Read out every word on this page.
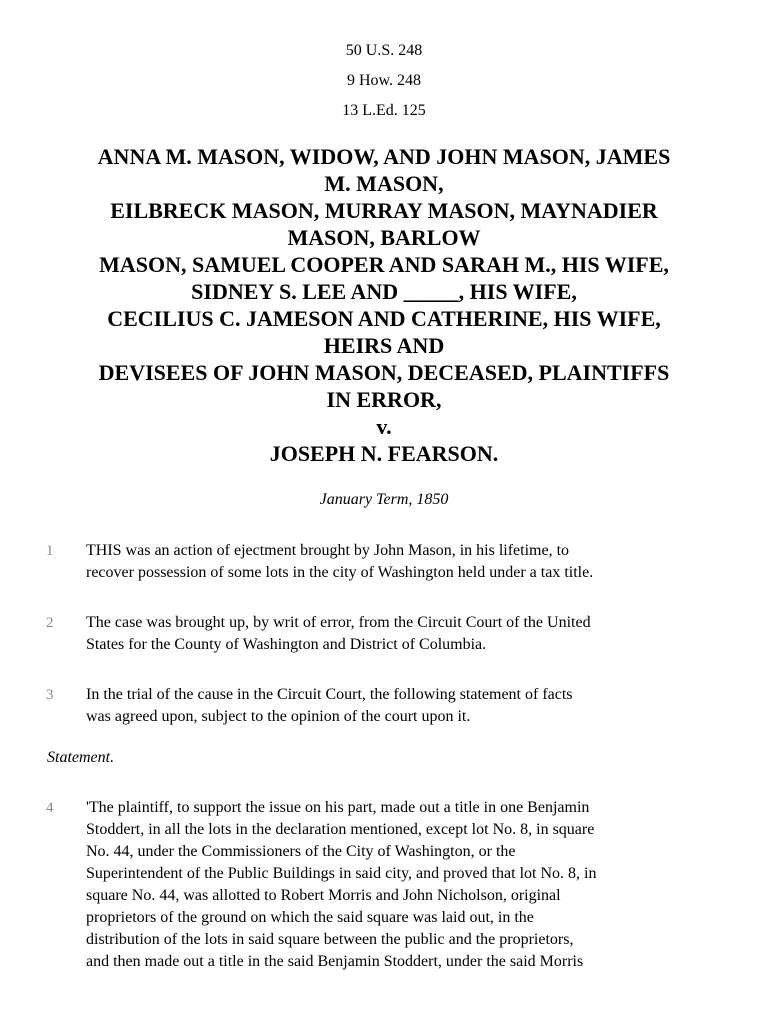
50 U.S. 248
9 How. 248
13 L.Ed. 125
ANNA M. MASON, WIDOW, AND JOHN MASON, JAMES
M. MASON,
EILBRECK MASON, MURRAY MASON, MAYNADIER
MASON, BARLOW
MASON, SAMUEL COOPER AND SARAH M., HIS WIFE,
SIDNEY S. LEE AND _____, HIS WIFE,
CECILIUS C. JAMESON AND CATHERINE, HIS WIFE,
HEIRS AND
DEVISEES OF JOHN MASON, DECEASED, PLAINTIFFS
IN ERROR,
v.
JOSEPH N. FEARSON.
January Term, 1850
1 THIS was an action of ejectment brought by John Mason, in his lifetime, to
recover possession of some lots in the city of Washington held under a tax title.
2 The case was brought up, by writ of error, from the Circuit Court of the United
States for the County of Washington and District of Columbia.
3 In the trial of the cause in the Circuit Court, the following statement of facts
was agreed upon, subject to the opinion of the court upon it.
Statement.
4 'The plaintiff, to support the issue on his part, made out a title in one Benjamin
Stoddert, in all the lots in the declaration mentioned, except lot No. 8, in square
No. 44, under the Commissioners of the City of Washington, or the
Superintendent of the Public Buildings in said city, and proved that lot No. 8, in
square No. 44, was allotted to Robert Morris and John Nicholson, original
proprietors of the ground on which the said square was laid out, in the
distribution of the lots in said square between the public and the proprietors,
and then made out a title in the said Benjamin Stoddert, under the said Morris
